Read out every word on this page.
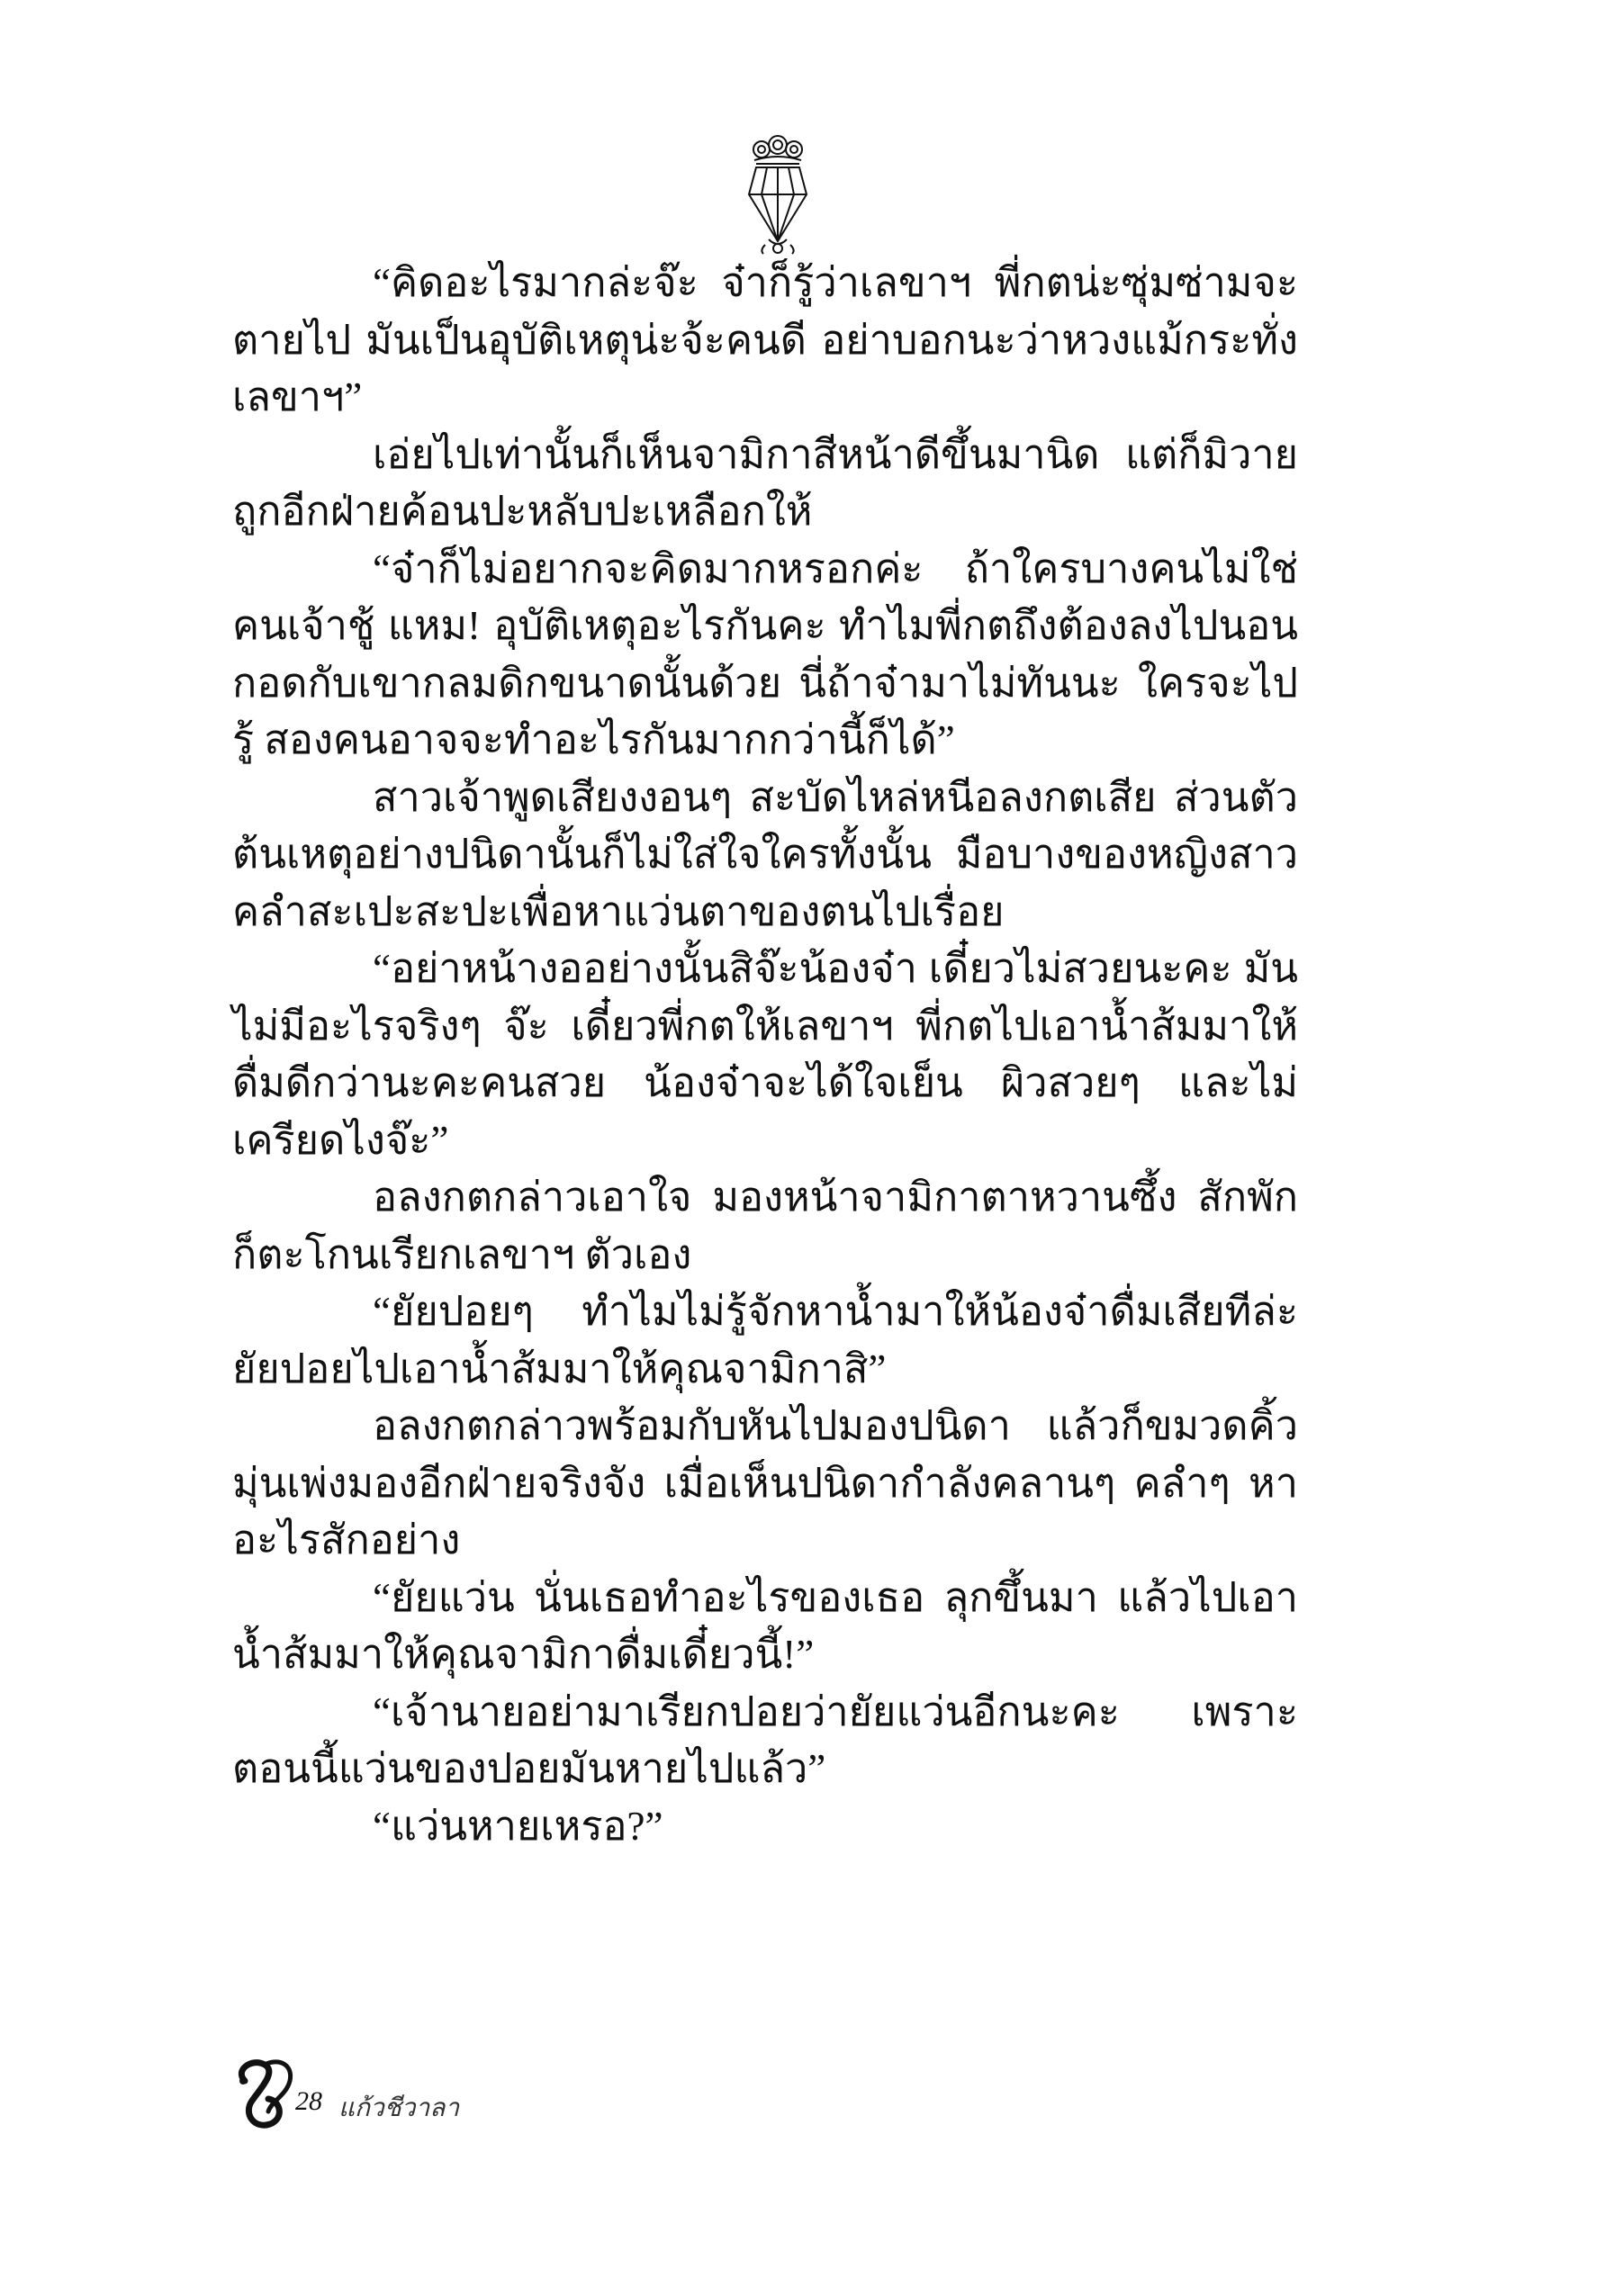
“คิดอะไรมากล่ะจ๊ะ จ๋าก็รู้ว่าเลขาฯ พี่กตน่ะซุ่มซ่ามจะตายไป มันเป็นอุบัติเหตุน่ะจ้ะคนดี อย่าบอกนะว่าหวงแม้กระทั่งเลขาฯ”

เอ่ยไปเท่านั้นก็เห็นจามิกาสีหน้าดีขึ้นมานิด แต่ก็มิวายถูกอีกฝ่ายค้อนปะหลับปะเหลือกให้

“จ๋าก็ไม่อยากจะคิดมากหรอกค่ะ ถ้าใครบางคนไม่ใช่คนเจ้าชู้ แหม! อุบัติเหตุอะไรกันคะ ทำไมพี่กตถึงต้องลงไปนอนกอดกับเขากลมดิกขนาดนั้นด้วย นี่ถ้าจ๋ามาไม่ทันนะ ใครจะไปรู้ สองคนอาจจะทำอะไรกันมากกว่านี้ก็ได้”

สาวเจ้าพูดเสียงงอนๆ สะบัดไหล่หนีอลงกตเสีย ส่วนตัวต้นเหตุอย่างปนิดานั้นก็ไม่ใส่ใจใครทั้งนั้น มือบางของหญิงสาวคลำสะเปะสะปะเพื่อหาแว่นตาของตนไปเรื่อย

“อย่าหน้างออย่างนั้นสิจ๊ะน้องจ๋า เดี๋ยวไม่สวยนะคะ มันไม่มีอะไรจริงๆ จ๊ะ เดี๋ยวพี่กตให้เลขาฯ พี่กตไปเอาน้ำส้มมาให้ดื่มดีกว่านะคะคนสวย น้องจ๋าจะได้ใจเย็น ผิวสวยๆ และไม่เครียดไงจ๊ะ”

อลงกตกล่าวเอาใจ มองหน้าจามิกาตาหวานซึ้ง สักพักก็ตะโกนเรียกเลขาฯ ตัวเอง

“ยัยปอยๆ ทำไมไม่รู้จักหาน้ำมาให้น้องจ๋าดื่มเสียทีล่ะ ยัยปอยไปเอาน้ำส้มมาให้คุณจามิกาสิ”

อลงกตกล่าวพร้อมกับหันไปมองปนิดา แล้วก็ขมวดคิ้วมุ่นเพ่งมองอีกฝ่ายจริงจัง เมื่อเห็นปนิดากำลังคลานๆ คลำๆ หาอะไรสักอย่าง

“ยัยแว่น นั่นเธอทำอะไรของเธอ ลุกขึ้นมา แล้วไปเอาน้ำส้มมาให้คุณจามิกาดื่มเดี๋ยวนี้!”

“เจ้านายอย่ามาเรียกปอยว่ายัยแว่นอีกนะคะ เพราะตอนนี้แว่นของปอยมันหายไปแล้ว”

“แว่นหายเหรอ?”

28 แก้วชีวาลา
